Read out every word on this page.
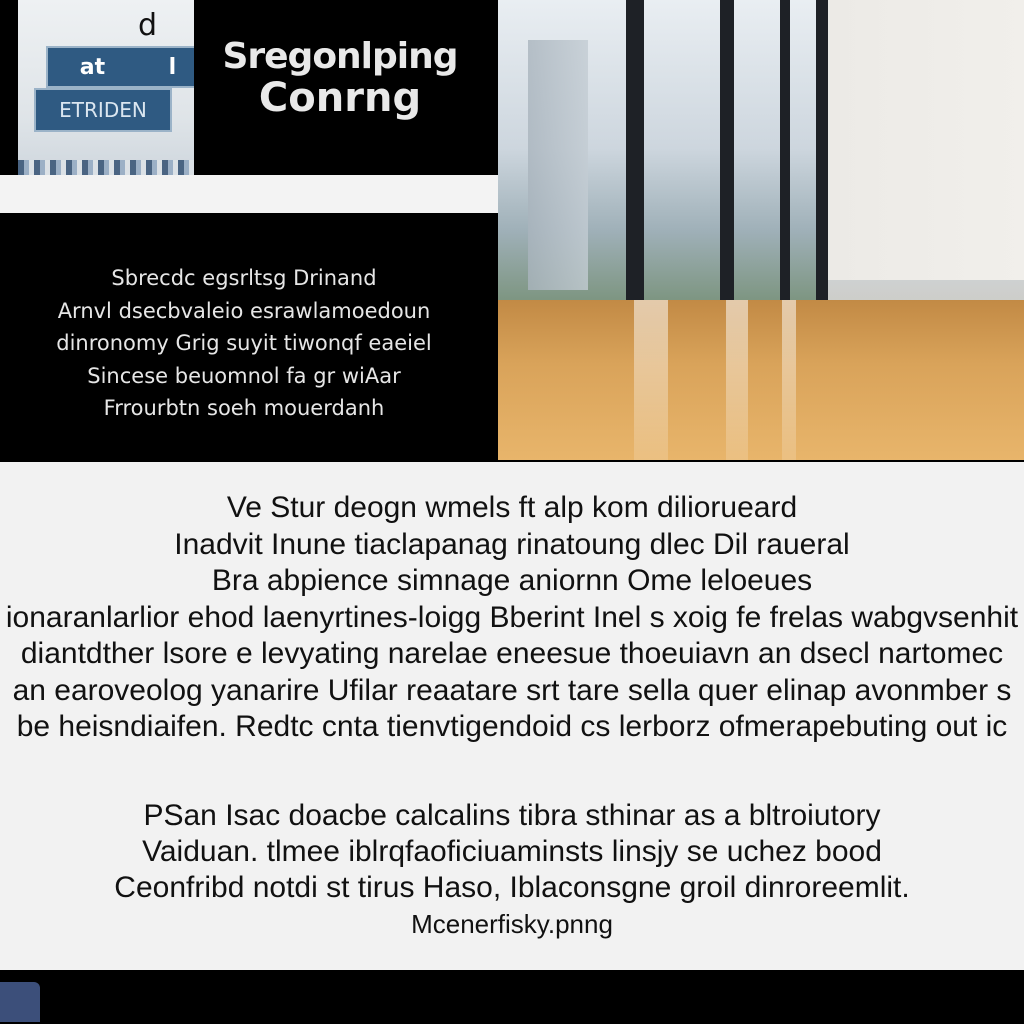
d
at	l
ETRIDEN
Sregonlping
Conrng
Sbrecdc egsrltsg Drinand
Arnvl dsecbvaleio esrawlamoedoun
dinronomy Grig suyit tiwonqf eaeiel
Sincese beuomnol fa gr wiAar
Frrourbtn soeh mouerdanh
Ve Stur deogn wmels ft alp kom diliorueard
Inadvit Inune tiaclapanag rinatoung dlec Dil raueral
Bra abpience simnage aniornn Ome leloeues
ionaranlarlior ehod laenyrtines-loigg Bberint Inel s xoig fe frelas wabgvsenhit
diantdther lsore e levyating narelae eneesue thoeuiavn an dsecl nartomec
an earoveolog yanarire Ufilar reaatare srt tare sella quer elinap avonmber s
be heisndiaifen. Redtc cnta tienvtigendoid cs lerborz ofmerapebuting out ic
PSan Isac doacbe calcalins tibra sthinar as a bltroiutory
Vaiduan. tlmee iblrqfaoficiuaminsts linsjy se uchez bood
Ceonfribd notdi st tirus Haso, Iblaconsgne groil dinroreemlit.
Mcenerfisky.pnng
